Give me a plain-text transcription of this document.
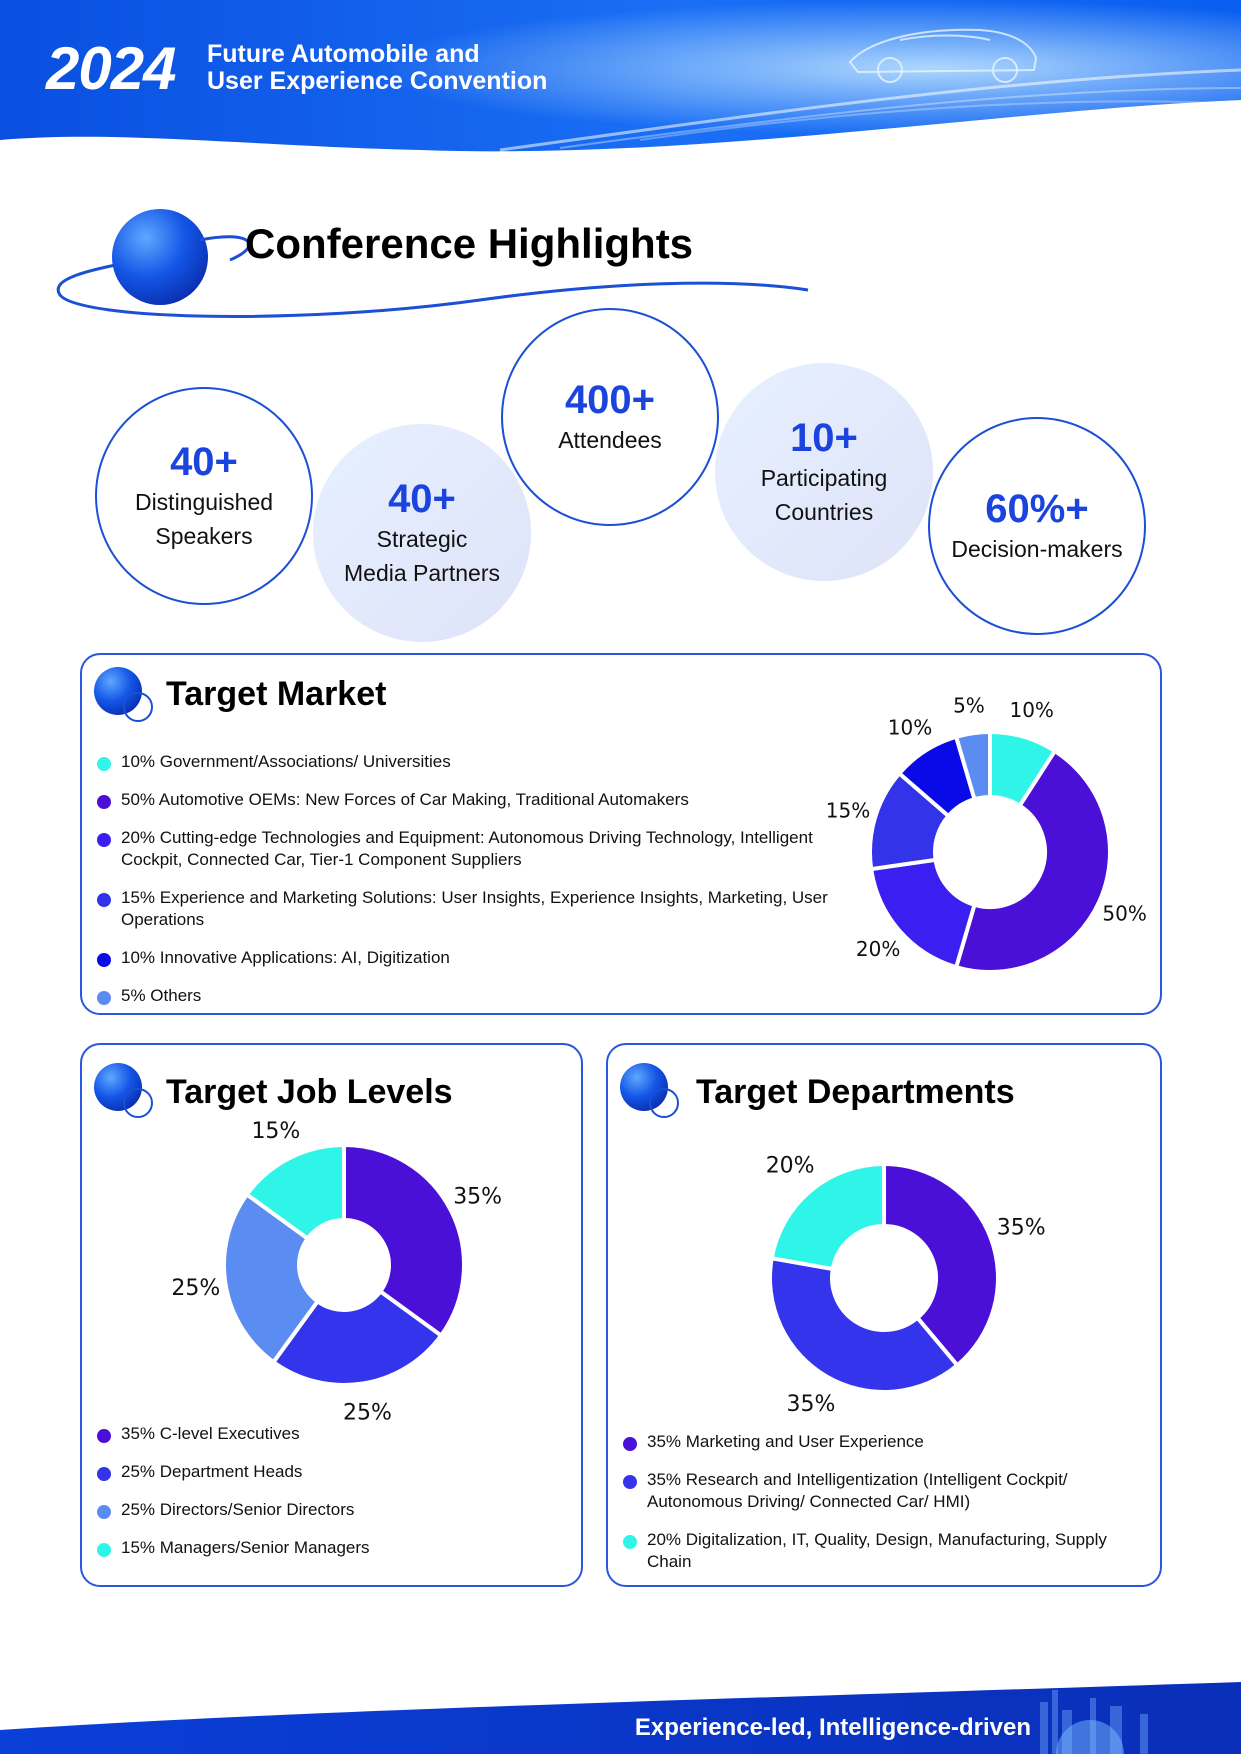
2024 Future Automobile and
User Experience Convention
Conference Highlights
40+
Distinguished
Speakers
40+
Strategic
Media Partners
400+
Attendees	10+
Participating
Countries	60%+
Decision-makers
Target Market
10% Government/Associations/ Universities
50% Automotive OEMs: New Forces of Car Making, Traditional Automakers
20% Cutting-edge Technologies and Equipment: Autonomous Driving Technology, Intelligent Cockpit, Connected Car, Tier-1 Component Suppliers
15% Experience and Marketing Solutions: User Insights, Experience Insights, Marketing, User Operations
10% Innovative Applications: AI, Digitization
5% Others
10%
50%
20%
15%
10%
5%
Target Job Levels
35% C-level Executives
25% Department Heads
25% Directors/Senior Directors
15% Managers/Senior Managers
35%
25%
25%
15%
Target Departments
35% Marketing and User Experience
35% Research and Intelligentization (Intelligent Cockpit/ Autonomous Driving/ Connected Car/ HMI)
20% Digitalization, IT, Quality, Design, Manufacturing, Supply Chain
35%
35%
20%
Experience-led, Intelligence-driven
